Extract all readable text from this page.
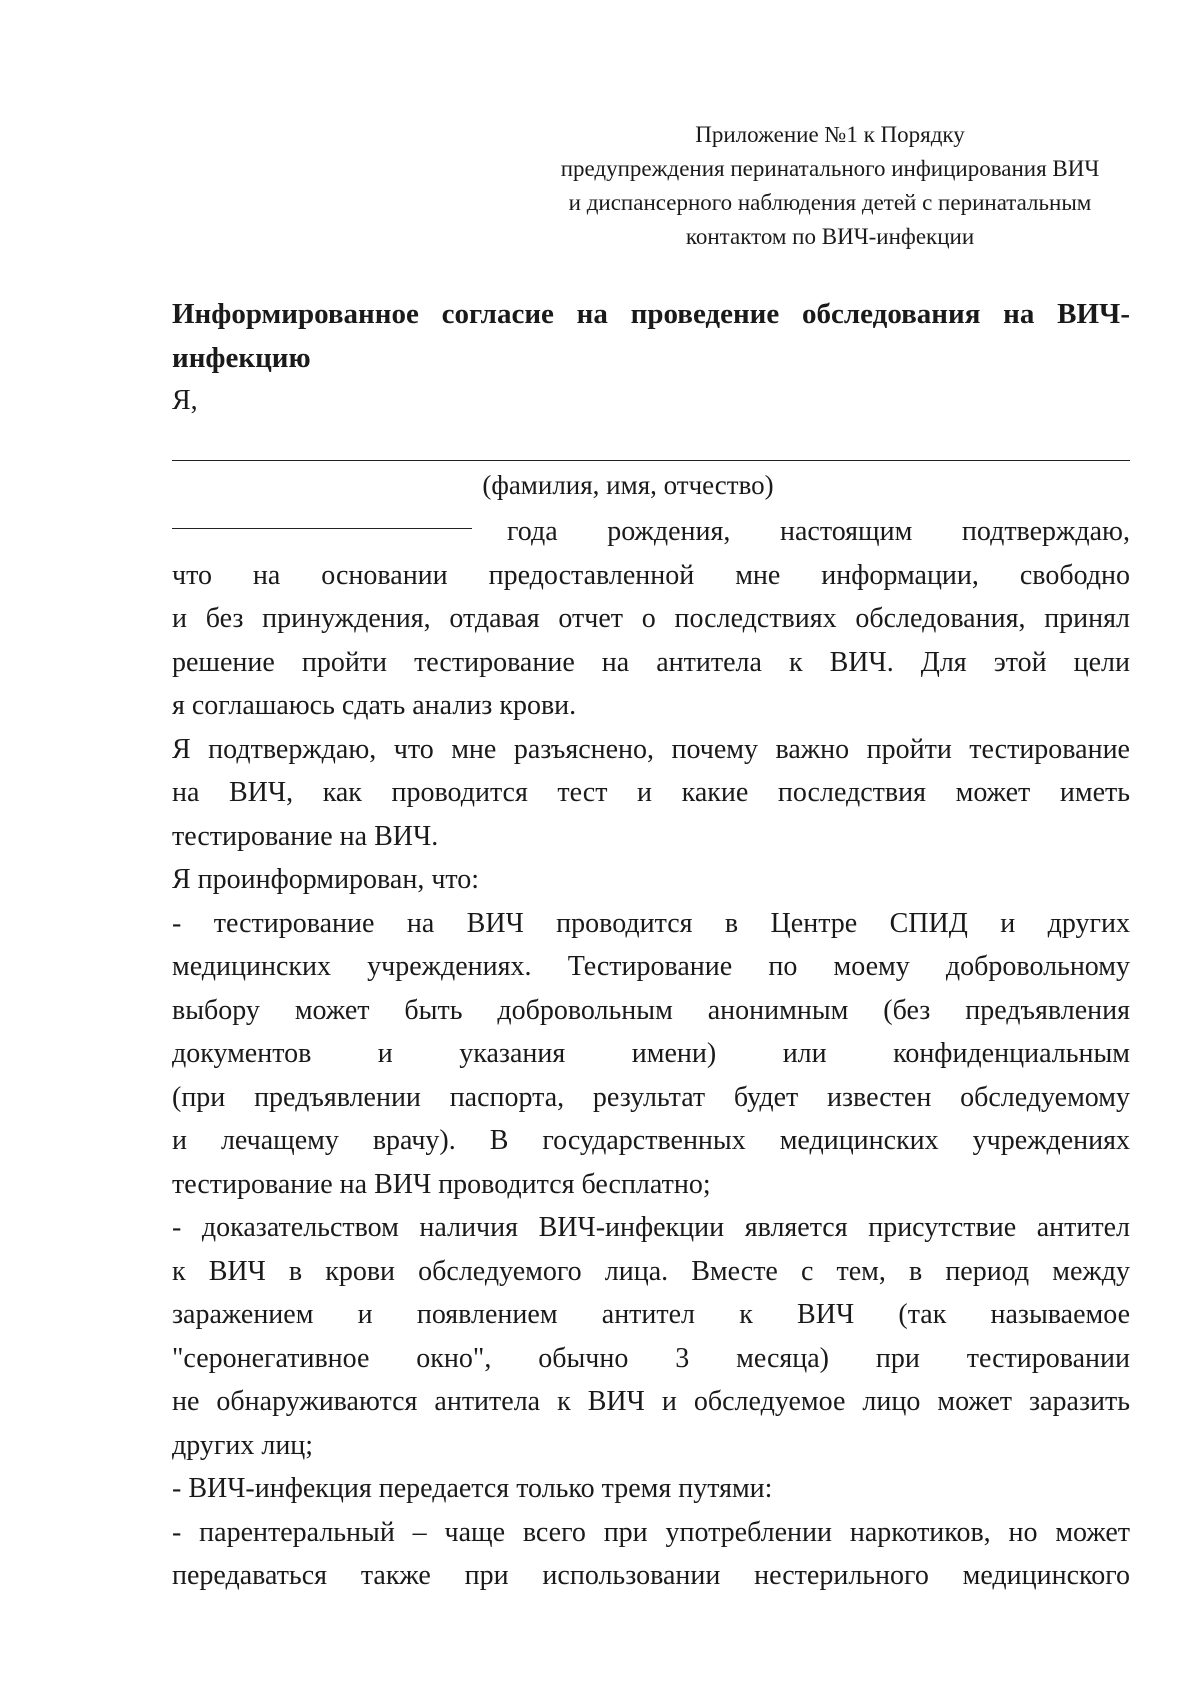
Приложение №1 к Порядку
предупреждения перинатального инфицирования ВИЧ
и диспансерного наблюдения детей с перинатальным
контактом по ВИЧ-инфекции
Информированное согласие на проведение обследования на ВИЧ-
инфекцию
Я,
(фамилия, имя, отчество)
года рождения, настоящим подтверждаю,
что на основании предоставленной мне информации, свободно
и без принуждения, отдавая отчет о последствиях обследования, принял
решение пройти тестирование на антитела к ВИЧ. Для этой цели
я соглашаюсь сдать анализ крови.
Я подтверждаю, что мне разъяснено, почему важно пройти тестирование
на ВИЧ, как проводится тест и какие последствия может иметь
тестирование на ВИЧ.
Я проинформирован, что:
- тестирование на ВИЧ проводится в Центре СПИД и других
медицинских учреждениях. Тестирование по моему добровольному
выбору может быть добровольным анонимным (без предъявления
документов и указания имени) или конфиденциальным
(при предъявлении паспорта, результат будет известен обследуемому
и лечащему врачу). В государственных медицинских учреждениях
тестирование на ВИЧ проводится бесплатно;
- доказательством наличия ВИЧ-инфекции является присутствие антител
к ВИЧ в крови обследуемого лица. Вместе с тем, в период между
заражением и появлением антител к ВИЧ (так называемое
"серонегативное окно", обычно 3 месяца) при тестировании
не обнаруживаются антитела к ВИЧ и обследуемое лицо может заразить
других лиц;
- ВИЧ-инфекция передается только тремя путями:
- парентеральный – чаще всего при употреблении наркотиков, но может
передаваться также при использовании нестерильного медицинского
